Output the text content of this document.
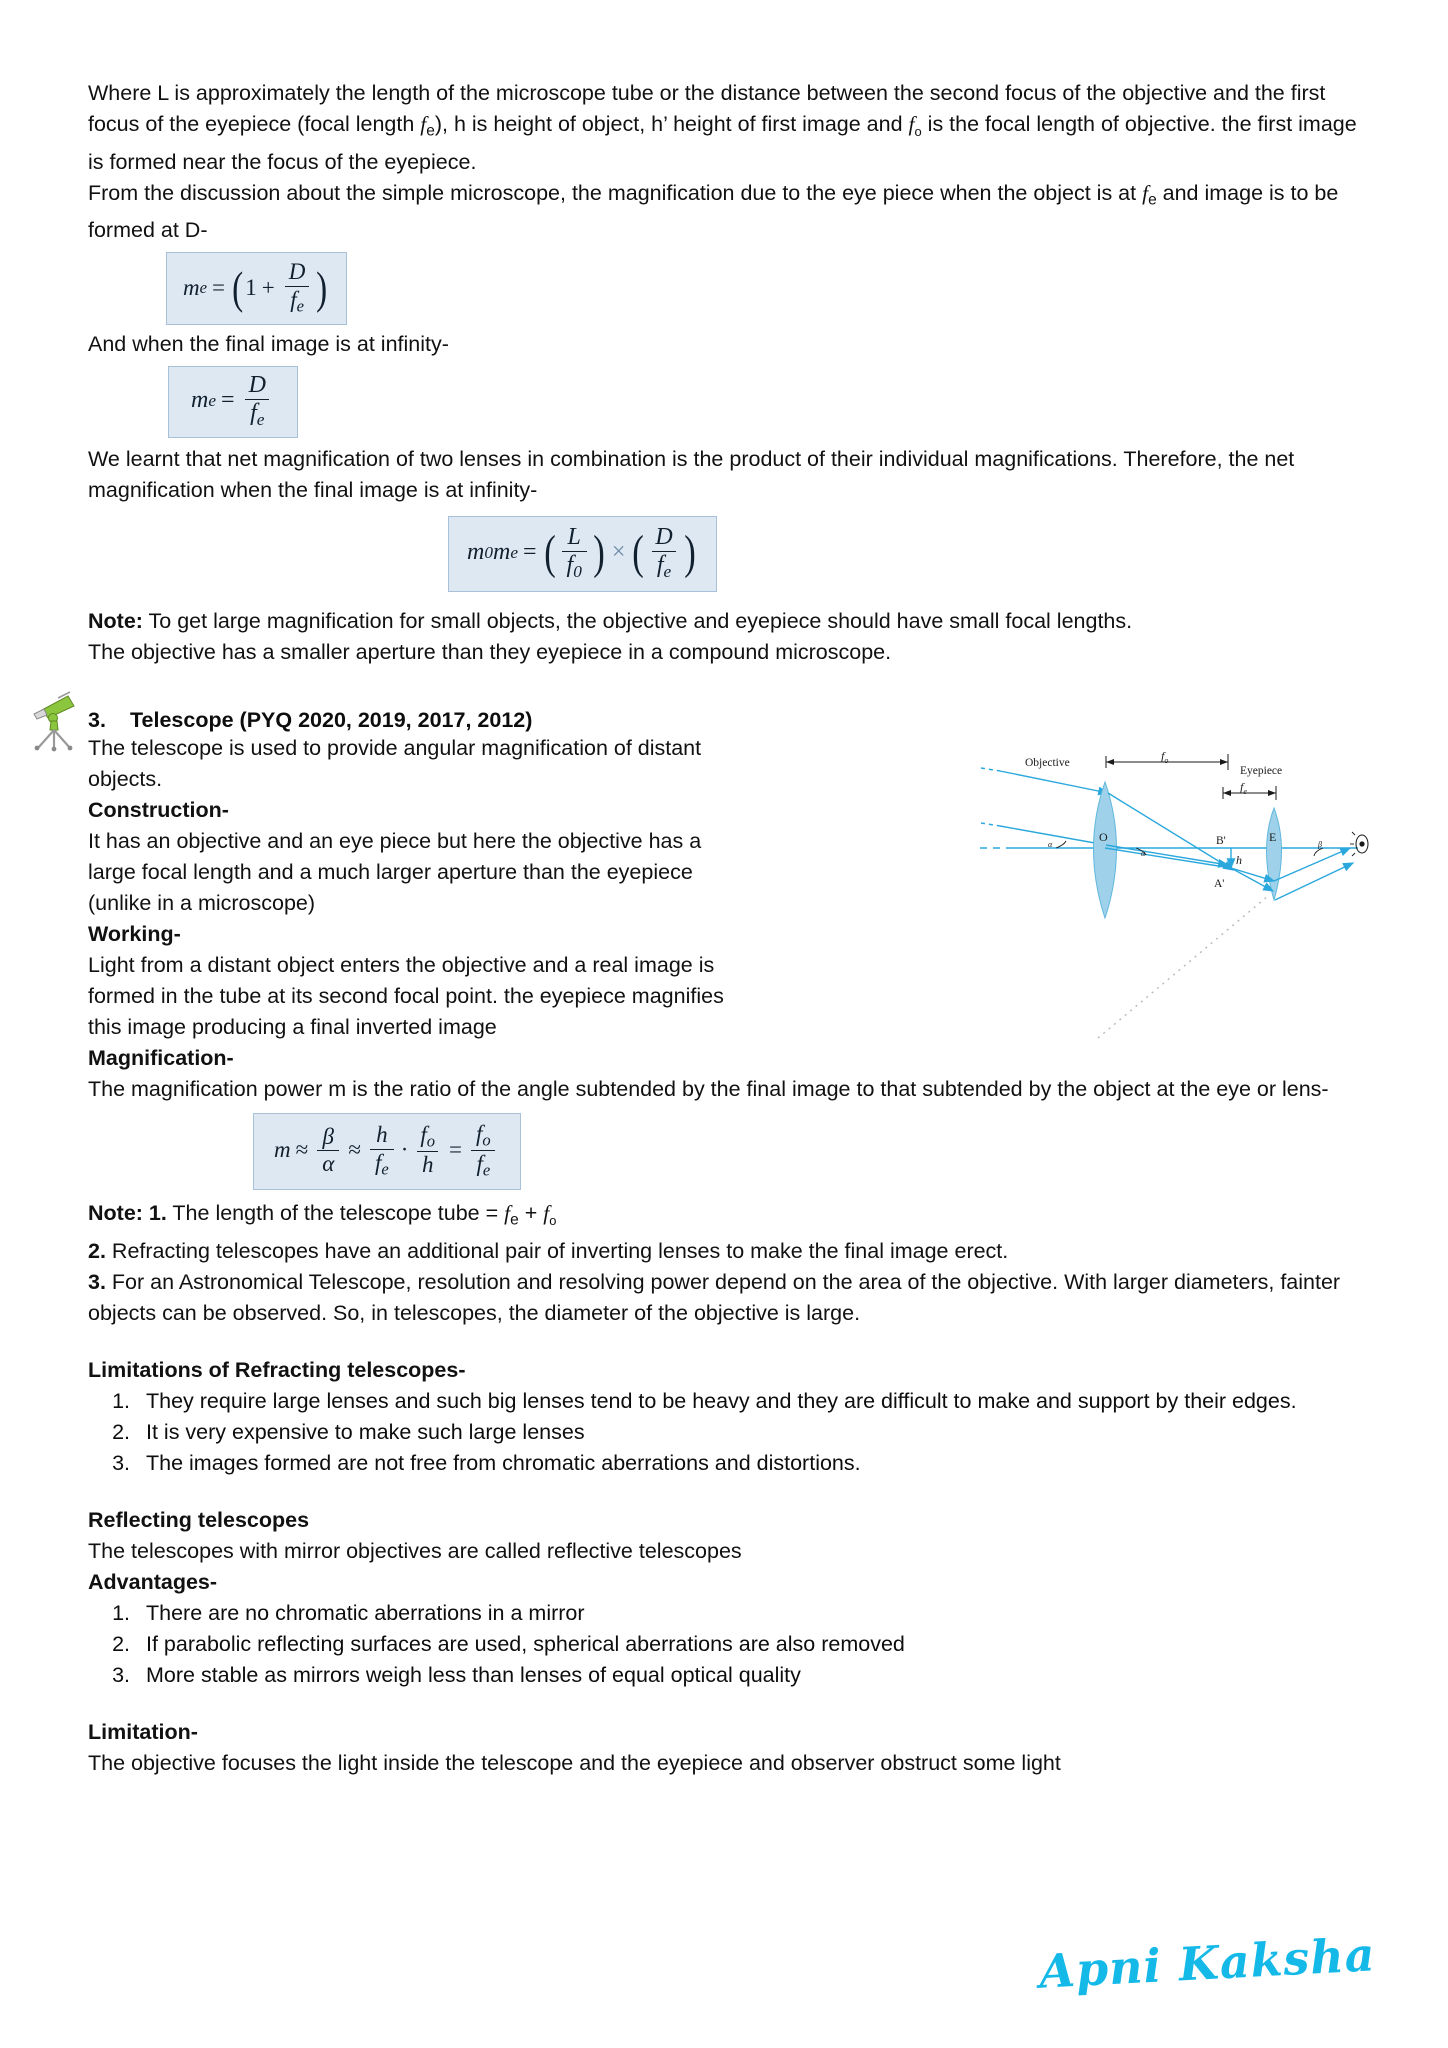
Where L is approximately the length of the microscope tube or the distance between the second focus of the objective and the first focus of the eyepiece (focal length $f_e$), h is height of object, h’ height of first image and $f_o$ is the focal length of objective. the first image is formed near the focus of the eyepiece.

From the discussion about the simple microscope, the magnification due to the eye piece when the object is at $f_e$ and image is to be formed at D-

m e = ( $1 + \frac{D}{f_e}$ )

And when the final image is at infinity-

m $e = \frac{D}{f_e}$

We learnt that net magnification of two lenses in combination is the product of their individual magnifications. Therefore, the net magnification when the final image is at infinity-

m 0 m e = ( $\frac{L}{f_0}$ ) × ( $\frac{D}{f_e}$ )

Note: To get large magnification for small objects, the objective and eyepiece should have small focal lengths.
The objective has a smaller aperture than they eyepiece in a compound microscope.

3. Telescope (PYQ 2020, 2019, 2017, 2012)

The telescope is used to provide angular magnification of distant objects.

Construction-

It has an objective and an eye piece but here the objective has a large focal length and a much larger aperture than the eyepiece (unlike in a microscope)

Working-

Light from a distant object enters the objective and a real image is formed in the tube at its second focal point. the eyepiece magnifies this image producing a final inverted image

Magnification-

The magnification power m is the ratio of the angle subtended by the final image to that subtended by the object at the eye or lens-

$m \approx \frac{\beta}{\alpha} \approx \frac{h}{f_e} \cdot \frac{f_o}{h} = \frac{f_o}{f_e}$

Note: 1. The length of the telescope tube = $f_e + f_o$

2. Refracting telescopes have an additional pair of inverting lenses to make the final image erect.

3. For an Astronomical Telescope, resolution and resolving power depend on the area of the objective. With larger diameters, fainter objects can be observed. So, in telescopes, the diameter of the objective is large.

Limitations of Refracting telescopes-

1. They require large lenses and such big lenses tend to be heavy and they are difficult to make and support by their edges.
2. It is very expensive to make such large lenses
3. The images formed are not free from chromatic aberrations and distortions.

Reflecting telescopes

The telescopes with mirror objectives are called reflective telescopes

Advantages-

1. There are no chromatic aberrations in a mirror
2. If parabolic reflecting surfaces are used, spherical aberrations are also removed
3. More stable as mirrors weigh less than lenses of equal optical quality

Limitation-

The objective focuses the light inside the telescope and the eyepiece and observer obstruct some light

Objective
Eyepiece
$f_o$
$f_e$
O	E
B'
A'
h
α
α
β
Apni Kaksha
